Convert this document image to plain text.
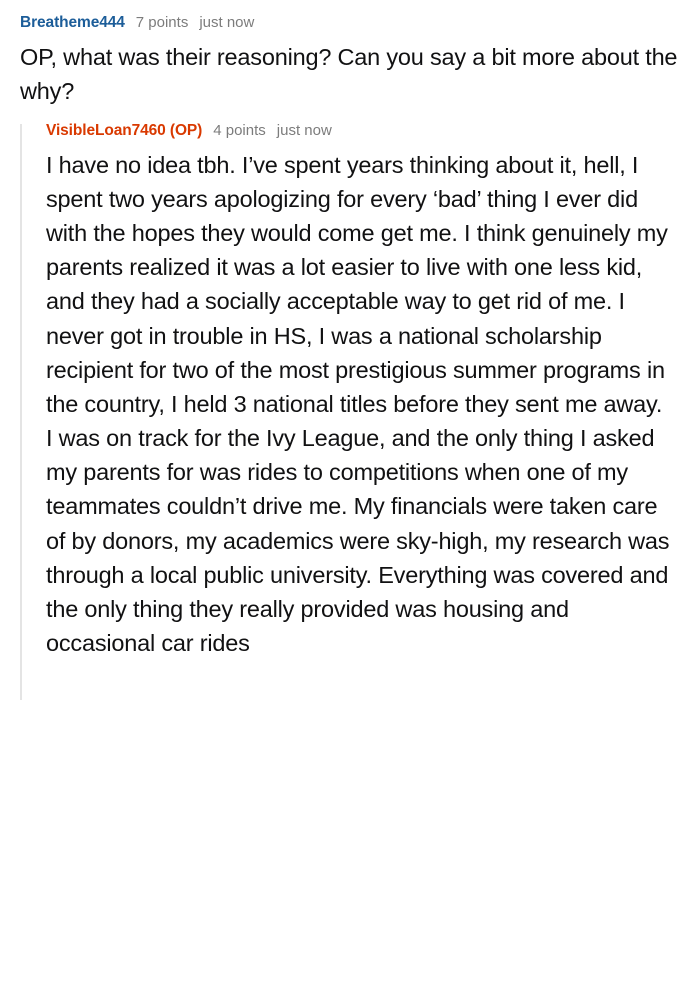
Breatheme444 7 points just now

OP, what was their reasoning? Can you say a bit more about the why?

VisibleLoan7460 (OP) 4 points just now

I have no idea tbh. I’ve spent years thinking about it, hell, I spent two years apologizing for every ‘bad’ thing I ever did with the hopes they would come get me. I think genuinely my parents realized it was a lot easier to live with one less kid, and they had a socially acceptable way to get rid of me. I never got in trouble in HS, I was a national scholarship recipient for two of the most prestigious summer programs in the country, I held 3 national titles before they sent me away. I was on track for the Ivy League, and the only thing I asked my parents for was rides to competitions when one of my teammates couldn’t drive me. My financials were taken care of by donors, my academics were sky-high, my research was through a local public university. Everything was covered and the only thing they really provided was housing and occasional car rides
